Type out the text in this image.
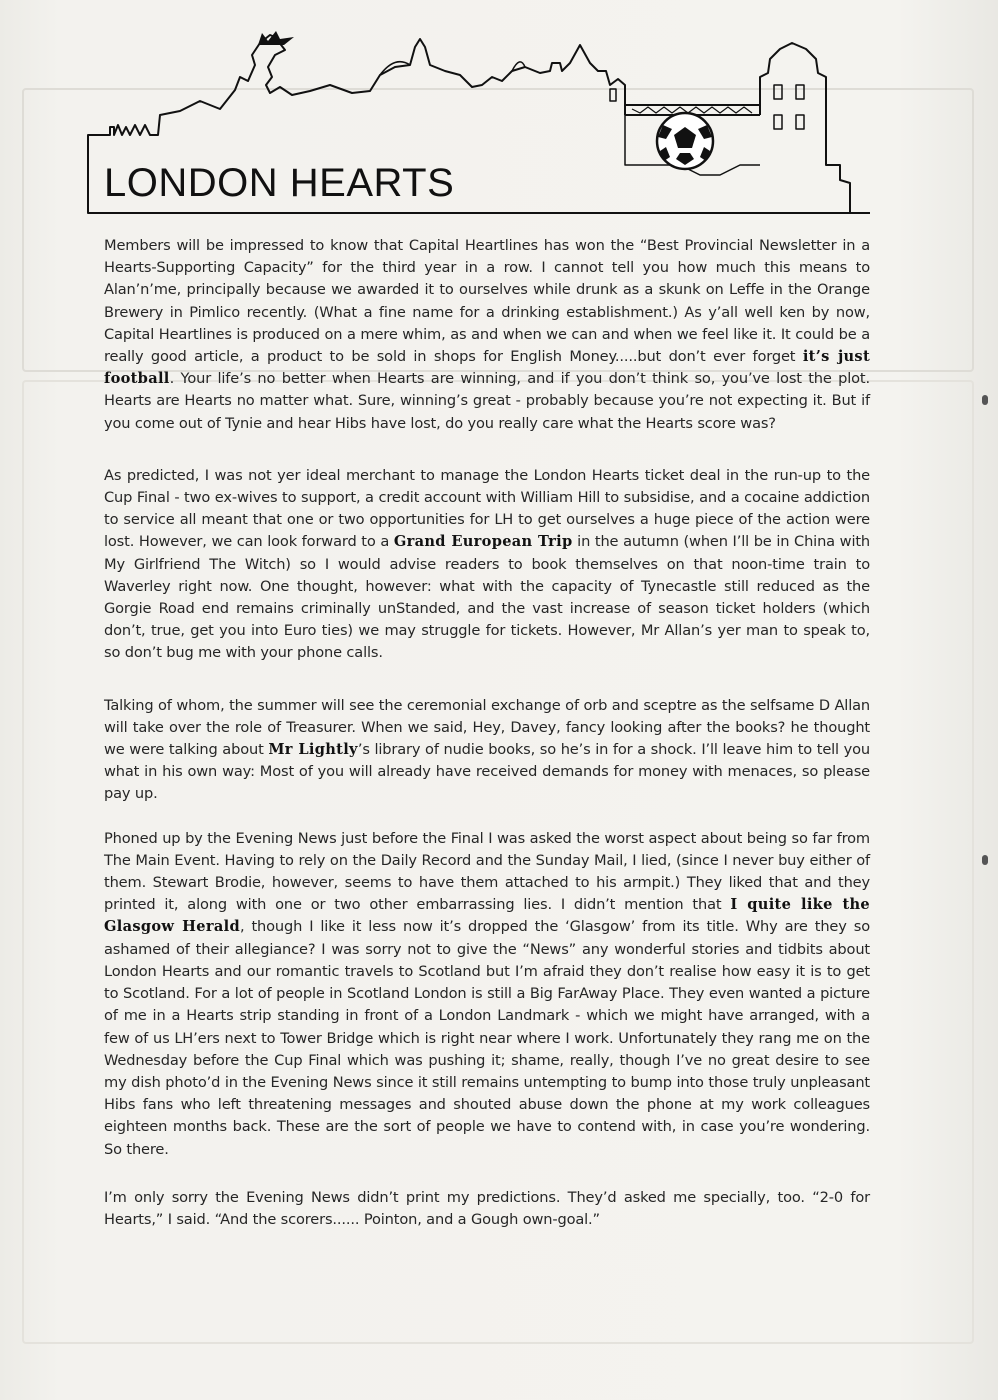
LONDON HEARTS

Members will be impressed to know that Capital Heartlines has won the “Best Provincial Newsletter in a Hearts-Supporting Capacity” for the third year in a row. I cannot tell you how much this means to Alan’n’me, principally because we awarded it to ourselves while drunk as a skunk on Leffe in the Orange Brewery in Pimlico recently. (What a fine name for a drinking establishment.) As y’all well ken by now, Capital Heartlines is produced on a mere whim, as and when we can and when we feel like it. It could be a really good article, a product to be sold in shops for English Money.....but don’t ever forget it’s just football. Your life’s no better when Hearts are winning, and if you don’t think so, you’ve lost the plot. Hearts are Hearts no matter what. Sure, winning’s great - probably because you’re not expecting it. But if you come out of Tynie and hear Hibs have lost, do you really care what the Hearts score was?

As predicted, I was not yer ideal merchant to manage the London Hearts ticket deal in the run-up to the Cup Final - two ex-wives to support, a credit account with William Hill to subsidise, and a cocaine addiction to service all meant that one or two opportunities for LH to get ourselves a huge piece of the action were lost. However, we can look forward to a Grand European Trip in the autumn (when I’ll be in China with My Girlfriend The Witch) so I would advise readers to book themselves on that noon-time train to Waverley right now. One thought, however: what with the capacity of Tynecastle still reduced as the Gorgie Road end remains criminally unStanded, and the vast increase of season ticket holders (which don’t, true, get you into Euro ties) we may struggle for tickets. However, Mr Allan’s yer man to speak to, so don’t bug me with your phone calls.

Talking of whom, the summer will see the ceremonial exchange of orb and sceptre as the selfsame D Allan will take over the role of Treasurer. When we said, Hey, Davey, fancy looking after the books? he thought we were talking about Mr Lightly’s library of nudie books, so he’s in for a shock. I’ll leave him to tell you what in his own way: Most of you will already have received demands for money with menaces, so please pay up.

Phoned up by the Evening News just before the Final I was asked the worst aspect about being so far from The Main Event. Having to rely on the Daily Record and the Sunday Mail, I lied, (since I never buy either of them. Stewart Brodie, however, seems to have them attached to his armpit.) They liked that and they printed it, along with one or two other embarrassing lies. I didn’t mention that I quite like the Glasgow Herald, though I like it less now it’s dropped the ‘Glasgow’ from its title. Why are they so ashamed of their allegiance? I was sorry not to give the “News” any wonderful stories and tidbits about London Hearts and our romantic travels to Scotland but I’m afraid they don’t realise how easy it is to get to Scotland. For a lot of people in Scotland London is still a Big FarAway Place. They even wanted a picture of me in a Hearts strip standing in front of a London Landmark - which we might have arranged, with a few of us LH’ers next to Tower Bridge which is right near where I work. Unfortunately they rang me on the Wednesday before the Cup Final which was pushing it; shame, really, though I’ve no great desire to see my dish photo’d in the Evening News since it still remains untempting to bump into those truly unpleasant Hibs fans who left threatening messages and shouted abuse down the phone at my work colleagues eighteen months back. These are the sort of people we have to contend with, in case you’re wondering. So there.

I’m only sorry the Evening News didn’t print my predictions. They’d asked me specially, too. “2-0 for Hearts,” I said. “And the scorers...... Pointon, and a Gough own-goal.”
